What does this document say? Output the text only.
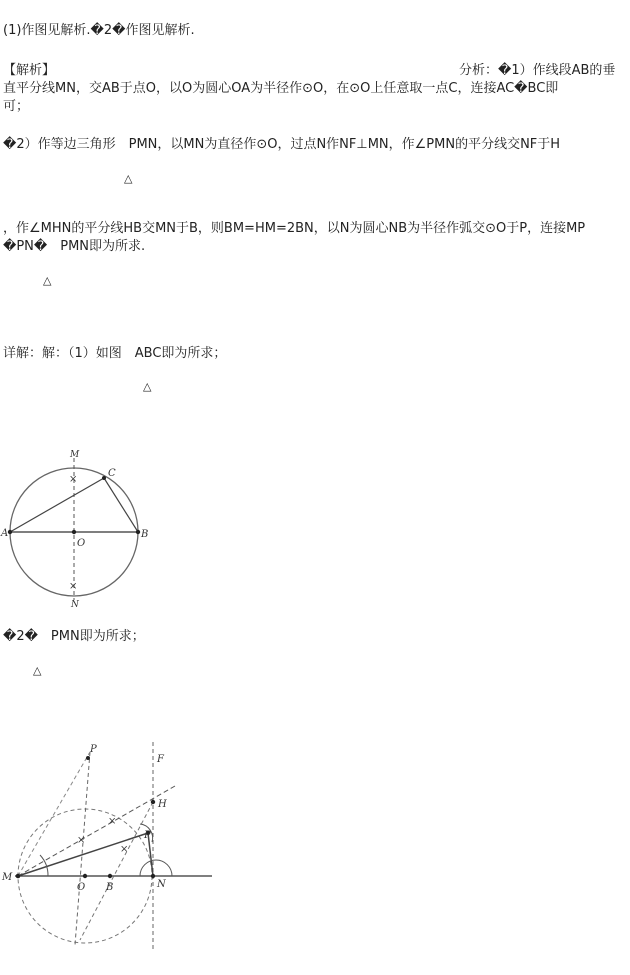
(1)作图见解析.�2�作图见解析.
【解析】	分析：�1）作线段AB的垂
直平分线MN，交AB于点O，以O为圆心OA为半径作⊙O，在⊙O上任意取一点C，连接AC�BC即
可；
�2）作等边三角形　PMN，以MN为直径作⊙O，过点N作NF⊥MN，作∠PMN的平分线交NF于H
△
，作∠MHN的平分线HB交MN于B，则BM=HM=2BN，以N为圆心NB为半径作弧交⊙O于P，连接MP
�PN�　PMN即为所求.
△
详解：解：（1）如图　ABC即为所求；
△
×
×
M
C
A
O
B
N
�2�　PMN即为所求；
△
×
×
×
P
F
H
P
M
O B	N
